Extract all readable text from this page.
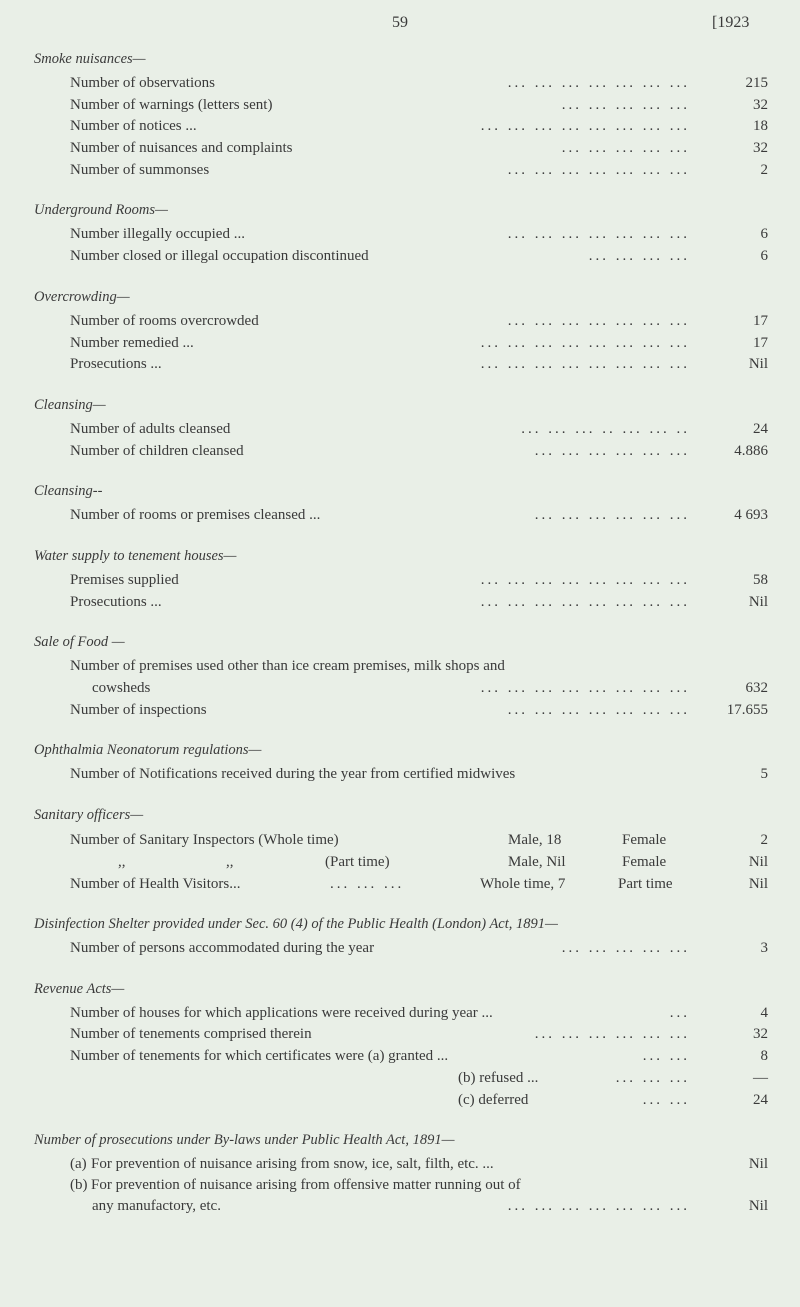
59	[1923
Smoke nuisances—
Number of observations	... ... ... ... ... ... ...	215
Number of warnings (letters sent)	... ... ... ... ...	32
Number of notices ...	... ... ... ... ... ... ... ...	18
Number of nuisances and complaints	... ... ... ... ...	32
Number of summonses	... ... ... ... ... ... ...	2
Underground Rooms—
Number illegally occupied ...	... ... ... ... ... ... ...	6
Number closed or illegal occupation discontinued	... ... ... ...	6
Overcrowding—
Number of rooms overcrowded	... ... ... ... ... ... ...	17
Number remedied ...	... ... ... ... ... ... ... ...	17
Prosecutions ...	... ... ... ... ... ... ... ...	Nil
Cleansing—
Number of adults cleansed	... ... ... .. ... ... ..	24
Number of children cleansed	... ... ... ... ... ...	4.886
Cleansing--
Number of rooms or premises cleansed ...	... ... ... ... ... ...	4 693
Water supply to tenement houses—
Premises supplied	... ... ... ... ... ... ... ...	58
Prosecutions ...	... ... ... ... ... ... ... ...	Nil
Sale of Food —
Number of premises used other than ice cream premises, milk shops and
cowsheds	... ... ... ... ... ... ... ...	632
Number of inspections	... ... ... ... ... ... ... 17.655
Ophthalmia Neonatorum regulations—
Number of Notifications received during the year from certified midwives	5
Sanitary officers—
Number of Sanitary Inspectors (Whole time)	Male, 18	Female	2
,,	,,	(Part time)	Male, Nil	Female	Nil
Number of Health Visitors...	... ... ...	Whole time, 7	Part time	Nil
Disinfection Shelter provided under Sec. 60 (4) of the Public Health (London) Act, 1891—
Number of persons accommodated during the year	... ... ... ... ...	3
Revenue Acts—
Number of houses for which applications were received during year ...	...	4
Number of tenements comprised therein	... ... ... ... ... ...	32
Number of tenements for which certificates were (a) granted ...	... ...	8
(b) refused ...	... ... ...	—
(c) deferred	... ...	24
Number of prosecutions under By-laws under Public Health Act, 1891—
(a) For prevention of nuisance arising from snow, ice, salt, filth, etc. ...	Nil
(b) For prevention of nuisance arising from offensive matter running out of
any manufactory, etc.	... ... ... ... ... ... ...	Nil
